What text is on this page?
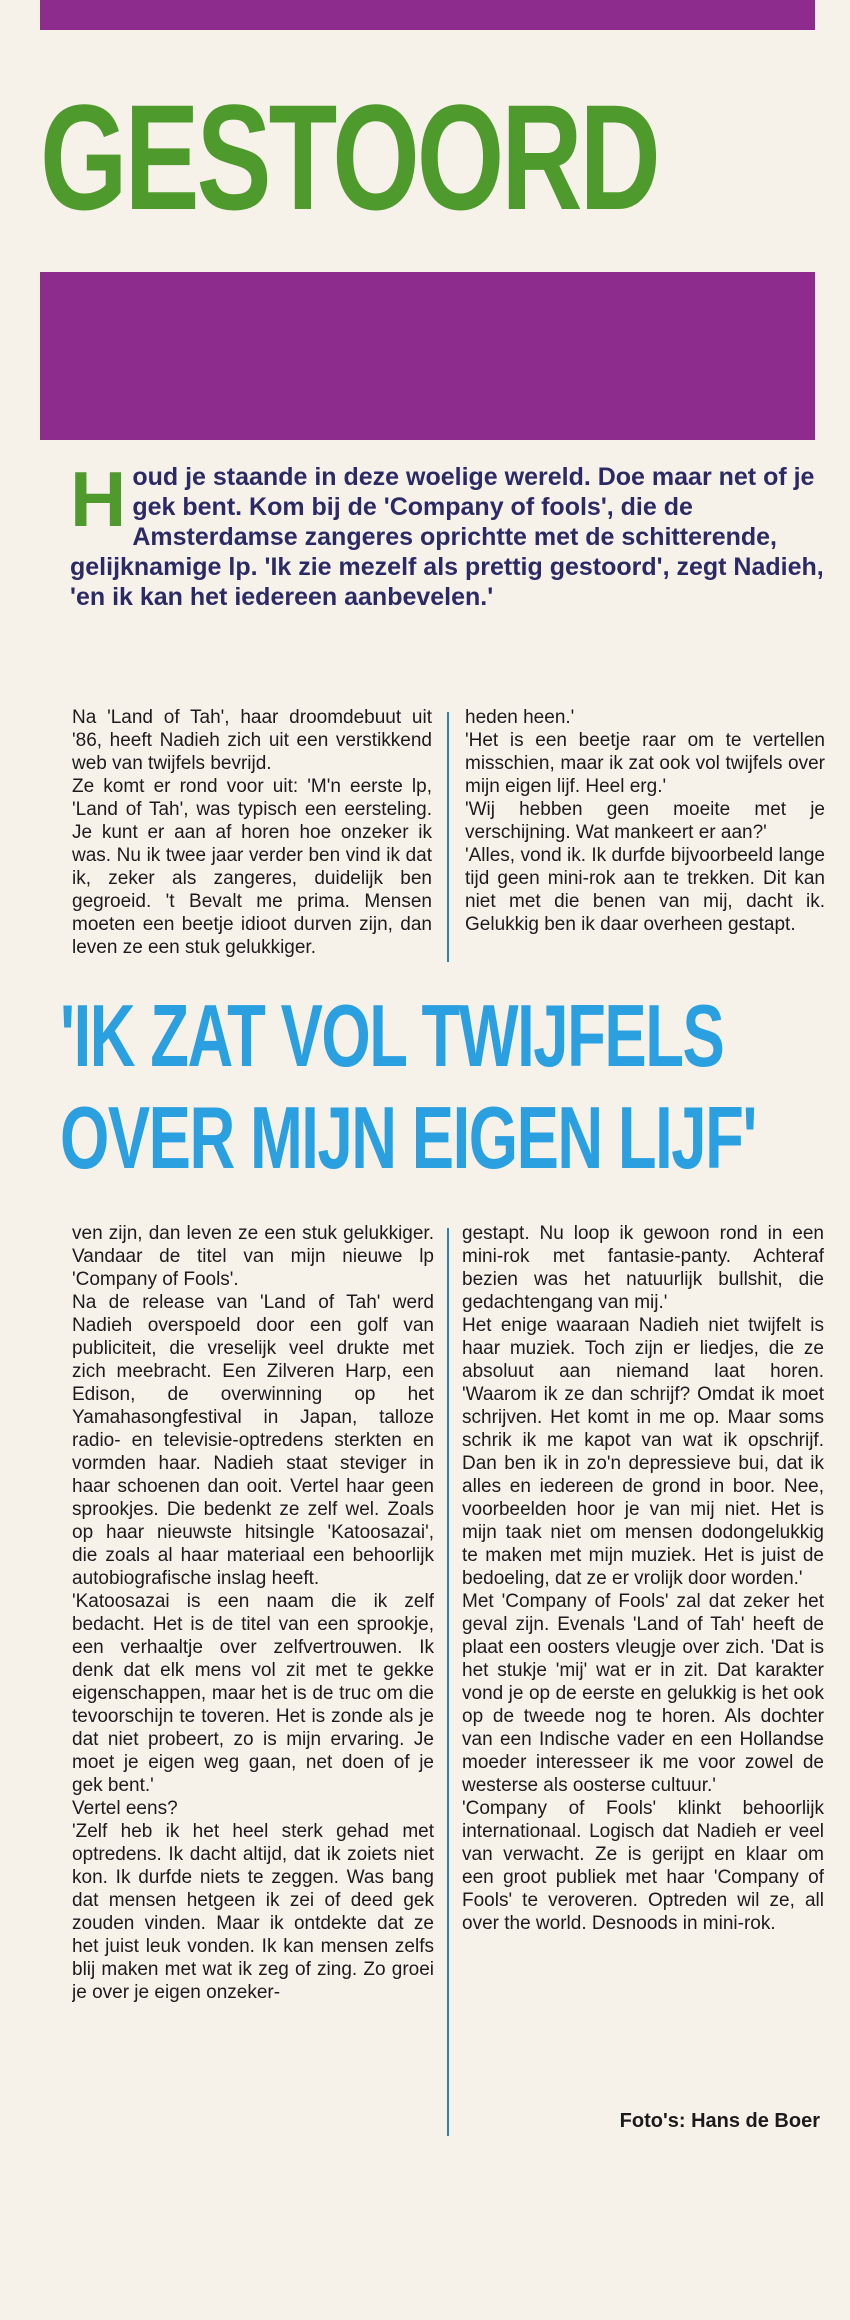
GESTOORD

Houd je staande in deze woelige wereld. Doe maar net of je gek bent. Kom bij de 'Company of fools', die de Amsterdamse zangeres oprichtte met de schitterende, gelijknamige lp. 'Ik zie mezelf als prettig gestoord', zegt Nadieh, 'en ik kan het iedereen aanbevelen.'

Na 'Land of Tah', haar droomdebuut uit '86, heeft Nadieh zich uit een verstikkend web van twijfels bevrijd.

Ze komt er rond voor uit: 'M'n eerste lp, 'Land of Tah', was typisch een eersteling. Je kunt er aan af horen hoe onzeker ik was. Nu ik twee jaar verder ben vind ik dat ik, zeker als zangeres, duidelijk ben gegroeid. 't Bevalt me prima. Mensen moeten een beetje idioot durven zijn, dan leven ze een stuk gelukkiger.

heden heen.'

'Het is een beetje raar om te vertellen misschien, maar ik zat ook vol twijfels over mijn eigen lijf. Heel erg.'

'Wij hebben geen moeite met je verschijning. Wat mankeert er aan?'

'Alles, vond ik. Ik durfde bijvoorbeeld lange tijd geen mini-rok aan te trekken. Dit kan niet met die benen van mij, dacht ik. Gelukkig ben ik daar overheen gestapt.

'IK ZAT VOL TWIJFELS
OVER MIJN EIGEN LIJF'

ven zijn, dan leven ze een stuk gelukkiger. Vandaar de titel van mijn nieuwe lp 'Company of Fools'.

Na de release van 'Land of Tah' werd Nadieh overspoeld door een golf van publiciteit, die vreselijk veel drukte met zich meebracht. Een Zilveren Harp, een Edison, de overwinning op het Yamahasongfestival in Japan, talloze radio- en televisie-optredens sterkten en vormden haar. Nadieh staat steviger in haar schoenen dan ooit. Vertel haar geen sprookjes. Die bedenkt ze zelf wel. Zoals op haar nieuwste hitsingle 'Katoosazai', die zoals al haar materiaal een behoorlijk autobiografische inslag heeft.

'Katoosazai is een naam die ik zelf bedacht. Het is de titel van een sprookje, een verhaaltje over zelfvertrouwen. Ik denk dat elk mens vol zit met te gekke eigenschappen, maar het is de truc om die tevoorschijn te toveren. Het is zonde als je dat niet probeert, zo is mijn ervaring. Je moet je eigen weg gaan, net doen of je gek bent.'

Vertel eens?

'Zelf heb ik het heel sterk gehad met optredens. Ik dacht altijd, dat ik zoiets niet kon. Ik durfde niets te zeggen. Was bang dat mensen hetgeen ik zei of deed gek zouden vinden. Maar ik ontdekte dat ze het juist leuk vonden. Ik kan mensen zelfs blij maken met wat ik zeg of zing. Zo groei je over je eigen onzeker-

gestapt. Nu loop ik gewoon rond in een mini-rok met fantasie-panty. Achteraf bezien was het natuurlijk bullshit, die gedachtengang van mij.'

Het enige waaraan Nadieh niet twijfelt is haar muziek. Toch zijn er liedjes, die ze absoluut aan niemand laat horen. 'Waarom ik ze dan schrijf? Omdat ik moet schrijven. Het komt in me op. Maar soms schrik ik me kapot van wat ik opschrijf. Dan ben ik in zo'n depressieve bui, dat ik alles en iedereen de grond in boor. Nee, voorbeelden hoor je van mij niet. Het is mijn taak niet om mensen dodongelukkig te maken met mijn muziek. Het is juist de bedoeling, dat ze er vrolijk door worden.'

Met 'Company of Fools' zal dat zeker het geval zijn. Evenals 'Land of Tah' heeft de plaat een oosters vleugje over zich. 'Dat is het stukje 'mij' wat er in zit. Dat karakter vond je op de eerste en gelukkig is het ook op de tweede nog te horen. Als dochter van een Indische vader en een Hollandse moeder interesseer ik me voor zowel de westerse als oosterse cultuur.'

'Company of Fools' klinkt behoorlijk internationaal. Logisch dat Nadieh er veel van verwacht. Ze is gerijpt en klaar om een groot publiek met haar 'Company of Fools' te veroveren. Optreden wil ze, all over the world. Desnoods in mini-rok.

Foto's: Hans de Boer
